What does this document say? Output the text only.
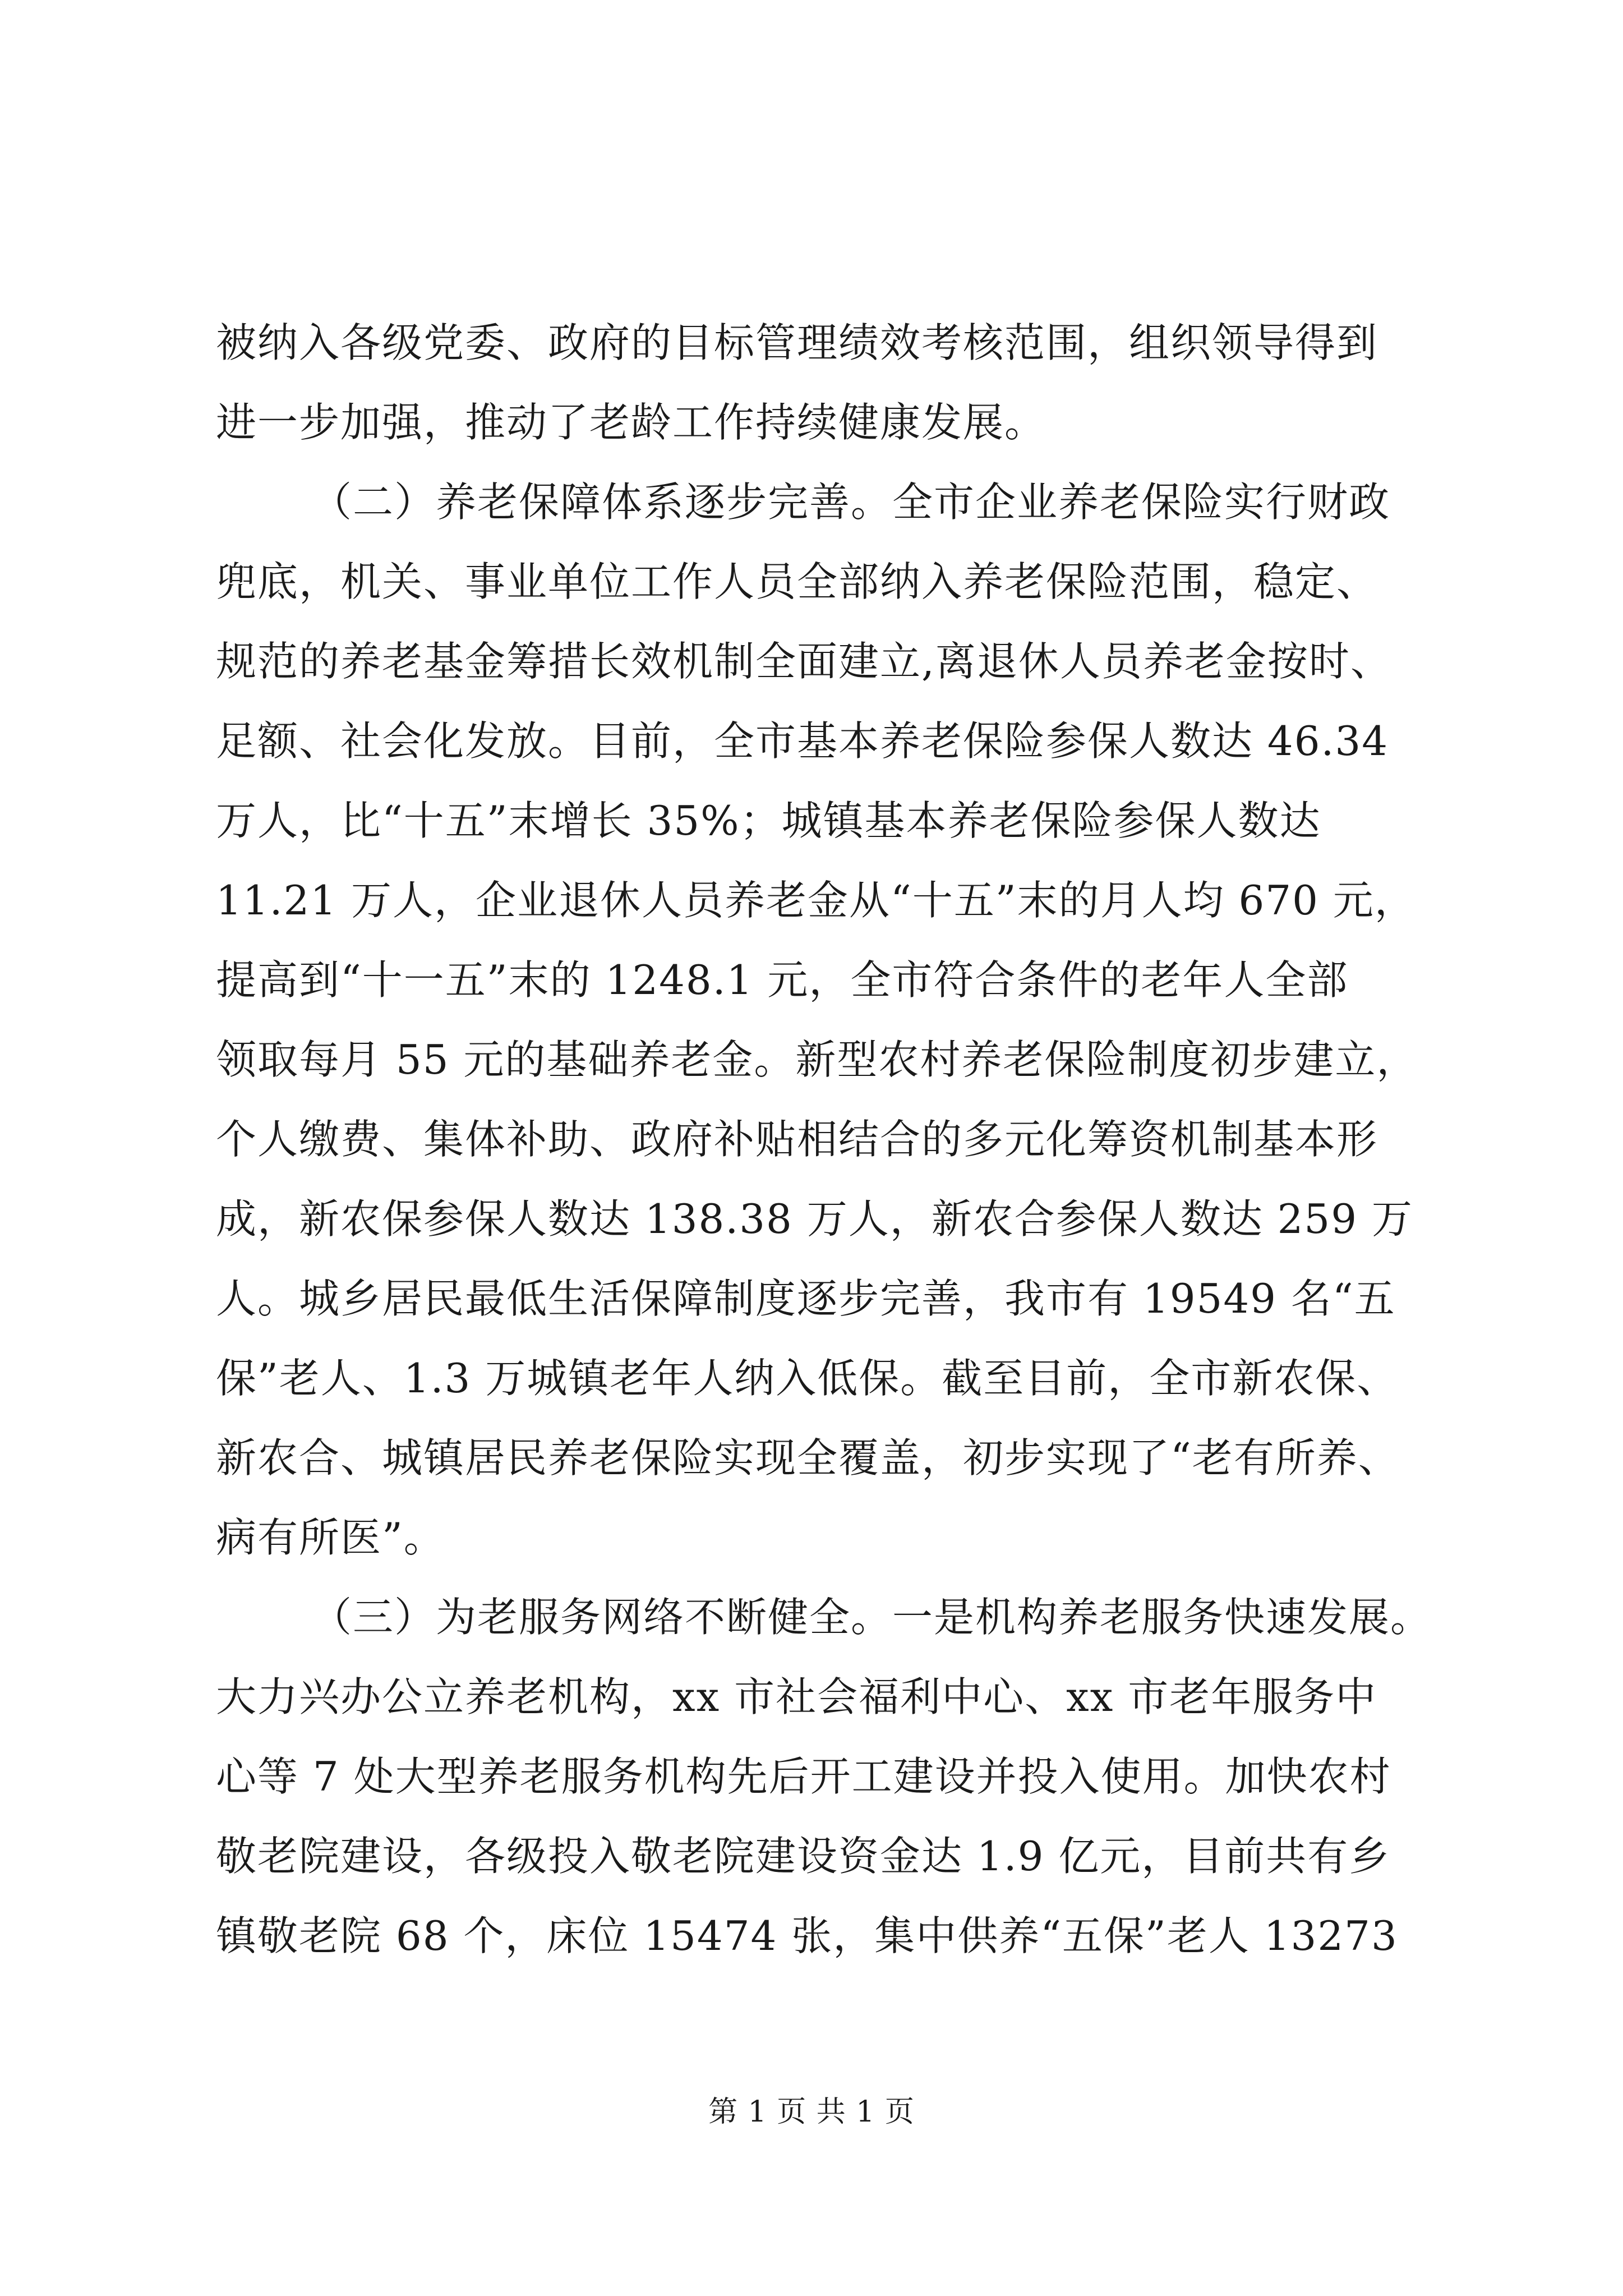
被纳入各级党委、政府的目标管理绩效考核范围，组织领导得到
进一步加强，推动了老龄工作持续健康发展。
（二）养老保障体系逐步完善。全市企业养老保险实行财政
兜底，机关、事业单位工作人员全部纳入养老保险范围，稳定、
规范的养老基金筹措长效机制全面建立,离退休人员养老金按时、
足额、社会化发放。目前，全市基本养老保险参保人数达 46.34
万人，比“十五”末增长 35%；城镇基本养老保险参保人数达
11.21 万人，企业退休人员养老金从“十五”末的月人均 670 元，
提高到“十一五”末的 1248.1 元，全市符合条件的老年人全部
领取每月 55 元的基础养老金。新型农村养老保险制度初步建立，
个人缴费、集体补助、政府补贴相结合的多元化筹资机制基本形
成，新农保参保人数达 138.38 万人，新农合参保人数达 259 万
人。城乡居民最低生活保障制度逐步完善，我市有 19549 名“五
保”老人、1.3 万城镇老年人纳入低保。截至目前，全市新农保、
新农合、城镇居民养老保险实现全覆盖，初步实现了“老有所养、
病有所医”。
（三）为老服务网络不断健全。一是机构养老服务快速发展。
大力兴办公立养老机构，xx 市社会福利中心、xx 市老年服务中
心等 7 处大型养老服务机构先后开工建设并投入使用。加快农村
敬老院建设，各级投入敬老院建设资金达 1.9 亿元，目前共有乡
镇敬老院 68 个，床位 15474 张，集中供养“五保”老人 13273
第 1 页 共 1 页
